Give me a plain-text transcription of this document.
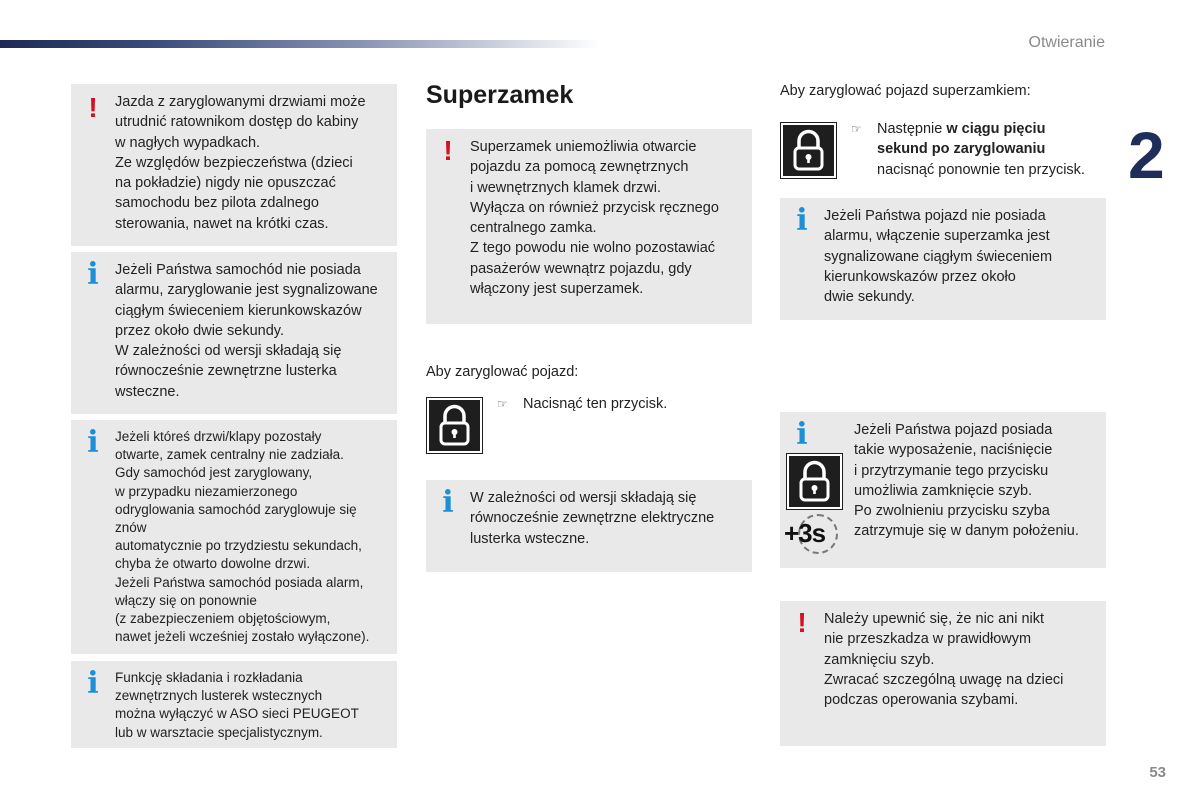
Otwieranie
2
53
!	Jazda z zaryglowanymi drzwiami może

utrudnić ratownikom dostęp do kabiny

w nagłych wypadkach.

Ze względów bezpieczeństwa (dzieci

na pokładzie) nigdy nie opuszczać

samochodu bez pilota zdalnego

sterowania, nawet na krótki czas.

i Jeżeli Państwa samochód nie posiada

alarmu, zaryglowanie jest sygnalizowane

ciągłym świeceniem kierunkowskazów

przez około dwie sekundy.

W zależności od wersji składają się

równocześnie zewnętrzne lusterka

wsteczne.

i	Jeżeli któreś drzwi/klapy pozostały

otwarte, zamek centralny nie zadziała.

Gdy samochód jest zaryglowany,

w przypadku niezamierzonego

odryglowania samochód zaryglowuje się znów

automatycznie po trzydziestu sekundach,

chyba że otwarto dowolne drzwi.

Jeżeli Państwa samochód posiada alarm,

włączy się on ponownie

(z zabezpieczeniem objętościowym,

nawet jeżeli wcześniej zostało wyłączone).

i	Funkcję składania i rozkładania

zewnętrznych lusterek wstecznych

można wyłączyć w ASO sieci PEUGEOT

lub w warsztacie specjalistycznym.

Superzamek
!	Superzamek uniemożliwia otwarcie

pojazdu za pomocą zewnętrznych

i wewnętrznych klamek drzwi.

Wyłącza on również przycisk ręcznego

centralnego zamka.

Z tego powodu nie wolno pozostawiać

pasażerów wewnątrz pojazdu, gdy

włączony jest superzamek.

Aby zaryglować pojazd:
☞ Nacisnąć ten przycisk.
i W zależności od wersji składają się

równocześnie zewnętrzne elektryczne

lusterka wsteczne.

Aby zaryglować pojazd superzamkiem:
☞ Następnie w ciągu pięciu
sekund po zaryglowaniu
nacisnąć ponownie ten przycisk.
i Jeżeli Państwa pojazd nie posiada

alarmu, włączenie superzamka jest

sygnalizowane ciągłym świeceniem

kierunkowskazów przez około

dwie sekundy.

i	Jeżeli Państwa pojazd posiada

takie wyposażenie, naciśnięcie

i przytrzymanie tego przycisku

umożliwia zamknięcie szyb.

Po zwolnieniu przycisku szyba

zatrzymuje się w danym położeniu.

+3s
!	Należy upewnić się, że nic ani nikt

nie przeszkadza w prawidłowym

zamknięciu szyb.

Zwracać szczególną uwagę na dzieci

podczas operowania szybami.
